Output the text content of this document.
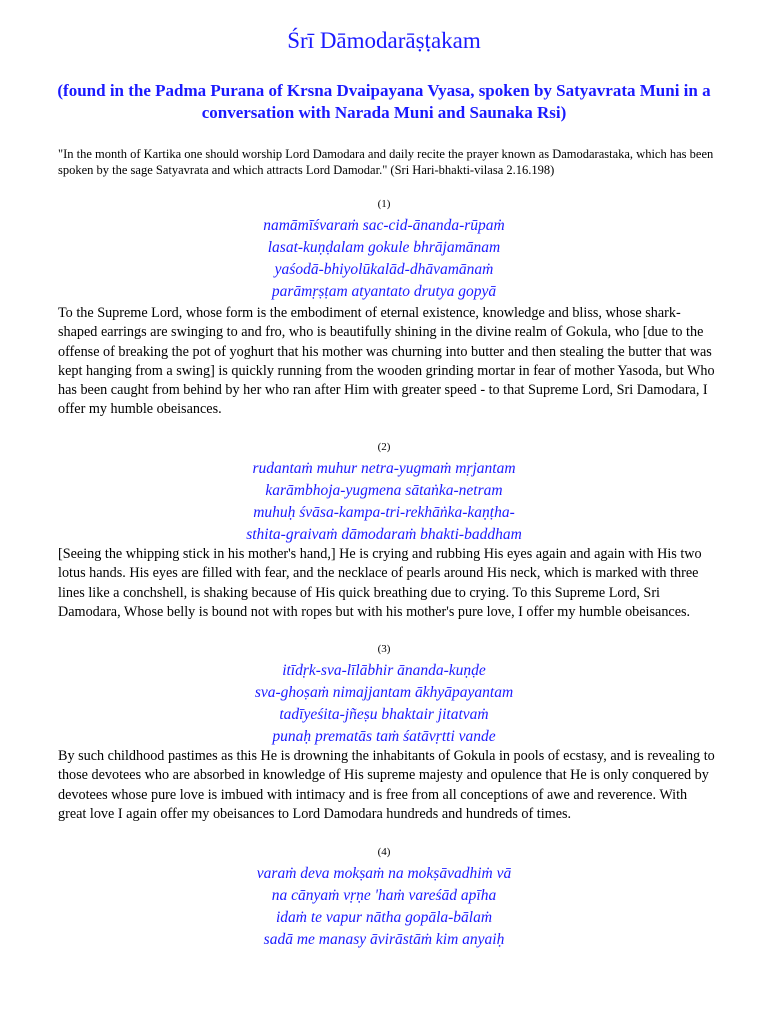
Śrī Dāmodarāṣṭakam
(found in the Padma Purana of Krsna Dvaipayana Vyasa, spoken by Satyavrata Muni in a conversation with Narada Muni and Saunaka Rsi)
"In the month of Kartika one should worship Lord Damodara and daily recite the prayer known as Damodarastaka, which has been spoken by the sage Satyavrata and which attracts Lord Damodar." (Sri Hari-bhakti-vilasa 2.16.198)
(1)
namāmīśvaraṁ sac-cid-ānanda-rūpaṁ
lasat-kuṇḍalam gokule bhrājamānam
yaśodā-bhiyolūkalād-dhāvamānaṁ
parāmṛṣṭam atyantato drutya gopyā
To the Supreme Lord, whose form is the embodiment of eternal existence, knowledge and bliss, whose shark-shaped earrings are swinging to and fro, who is beautifully shining in the divine realm of Gokula, who [due to the offense of breaking the pot of yoghurt that his mother was churning into butter and then stealing the butter that was kept hanging from a swing] is quickly running from the wooden grinding mortar in fear of mother Yasoda, but Who has been caught from behind by her who ran after Him with greater speed - to that Supreme Lord, Sri Damodara, I offer my humble obeisances.
(2)
rudantaṁ muhur netra-yugmaṁ mṛjantam
karāmbhoja-yugmena sātaṅka-netram
muhuḥ śvāsa-kampa-tri-rekhāṅka-kaṇṭha-
sthita-graivaṁ dāmodaraṁ bhakti-baddham
[Seeing the whipping stick in his mother's hand,] He is crying and rubbing His eyes again and again with His two lotus hands. His eyes are filled with fear, and the necklace of pearls around His neck, which is marked with three lines like a conchshell, is shaking because of His quick breathing due to crying. To this Supreme Lord, Sri Damodara, Whose belly is bound not with ropes but with his mother's pure love, I offer my humble obeisances.
(3)
itīdṛk-sva-līlābhir ānanda-kuṇḍe
sva-ghoṣaṁ nimajjantam ākhyāpayantam
tadīyeśita-jñeṣu bhaktair jitatvaṁ
punaḥ prematās taṁ śatāvṛtti vande
By such childhood pastimes as this He is drowning the inhabitants of Gokula in pools of ecstasy, and is revealing to those devotees who are absorbed in knowledge of His supreme majesty and opulence that He is only conquered by devotees whose pure love is imbued with intimacy and is free from all conceptions of awe and reverence. With great love I again offer my obeisances to Lord Damodara hundreds and hundreds of times.
(4)
varaṁ deva mokṣaṁ na mokṣāvadhiṁ vā
na cānyaṁ vṛṇe 'haṁ vareśād apīha
idaṁ te vapur nātha gopāla-bālaṁ
sadā me manasy āvirāstāṁ kim anyaiḥ
